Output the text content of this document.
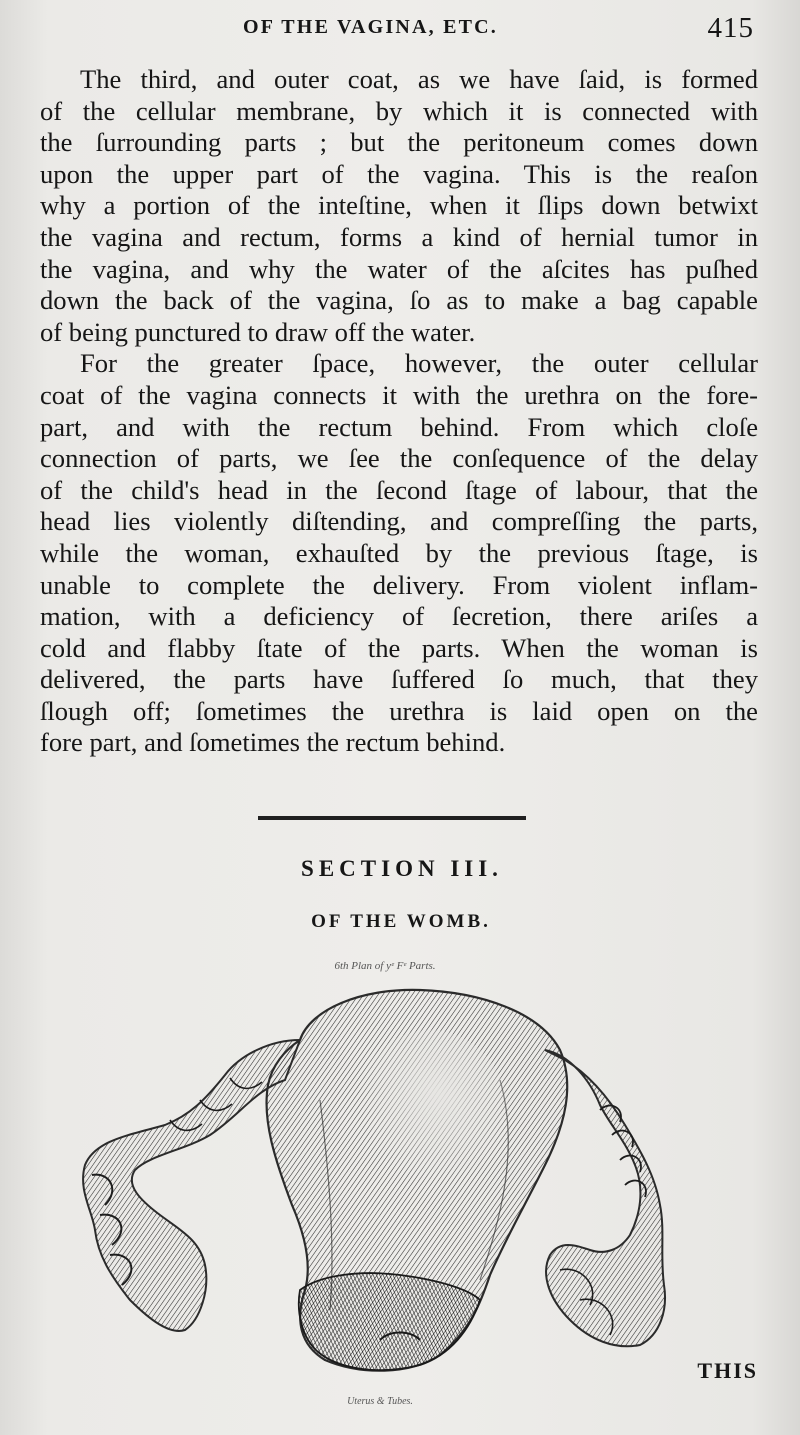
OF THE VAGINA, ETC.	415

The third, and outer coat, as we have ſaid, is formed
of the cellular membrane, by which it is connected with
the ſurrounding parts ; but the peritoneum comes down
upon the upper part of the vagina. This is the reaſon
why a portion of the inteſtine, when it ſlips down betwixt
the vagina and rectum, forms a kind of hernial tumor in
the vagina, and why the water of the aſcites has puſhed
down the back of the vagina, ſo as to make a bag capable
of being punctured to draw off the water.

For the greater ſpace, however, the outer cellular
coat of the vagina connects it with the urethra on the fore-
part, and with the rectum behind. From which cloſe
connection of parts, we ſee the conſequence of the delay
of the child's head in the ſecond ſtage of labour, that the
head lies violently diſtending, and compreſſing the parts,
while the woman, exhauſted by the previous ſtage, is
unable to complete the delivery. From violent inflam-
mation, with a deficiency of ſecretion, there ariſes a
cold and flabby ſtate of the parts. When the woman is
delivered, the parts have ſuffered ſo much, that they
ſlough off; ſometimes the urethra is laid open on the
fore part, and ſometimes the rectum behind.

SECTION III.
OF THE WOMB.
6th Plan of yᵉ Fᵉ Parts.
Uterus & Tubes.
THIS
